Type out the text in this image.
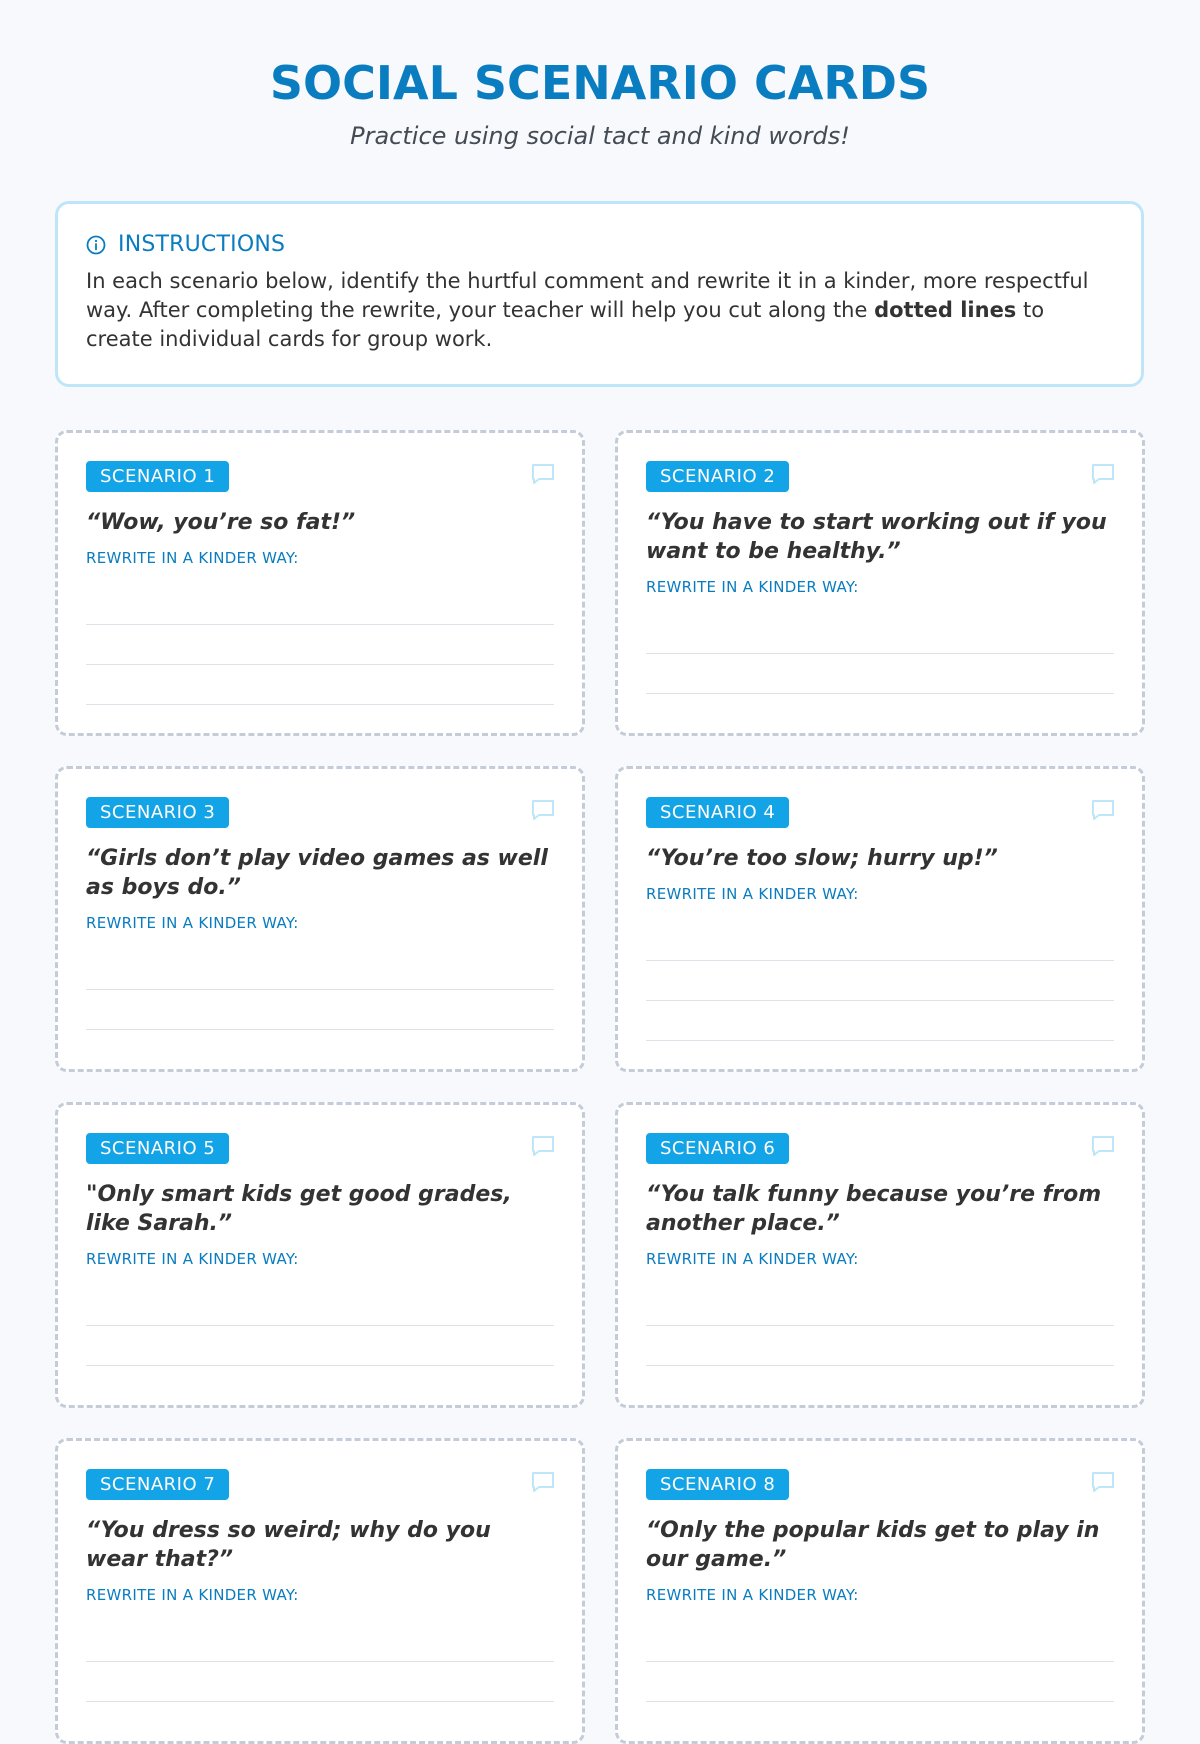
SOCIAL SCENARIO CARDS

Practice using social tact and kind words!

INSTRUCTIONS
In each scenario below, identify the hurtful comment and rewrite it in a kinder, more respectful way. After completing the rewrite, your teacher will help you cut along the dotted lines to create individual cards for group work.
SCENARIO 1
“Wow, you’re so fat!”
REWRITE IN A KINDER WAY:
SCENARIO 2
“You have to start working out if you want to be healthy.”
REWRITE IN A KINDER WAY:
SCENARIO 3
“Girls don’t play video games as well as boys do.”
REWRITE IN A KINDER WAY:
SCENARIO 4
“You’re too slow; hurry up!”
REWRITE IN A KINDER WAY:
SCENARIO 5
"Only smart kids get good grades, like Sarah.”
REWRITE IN A KINDER WAY:
SCENARIO 6
“You talk funny because you’re from another place.”
REWRITE IN A KINDER WAY:
SCENARIO 7
“You dress so weird; why do you wear that?”
REWRITE IN A KINDER WAY:
SCENARIO 8
“Only the popular kids get to play in our game.”
REWRITE IN A KINDER WAY:
